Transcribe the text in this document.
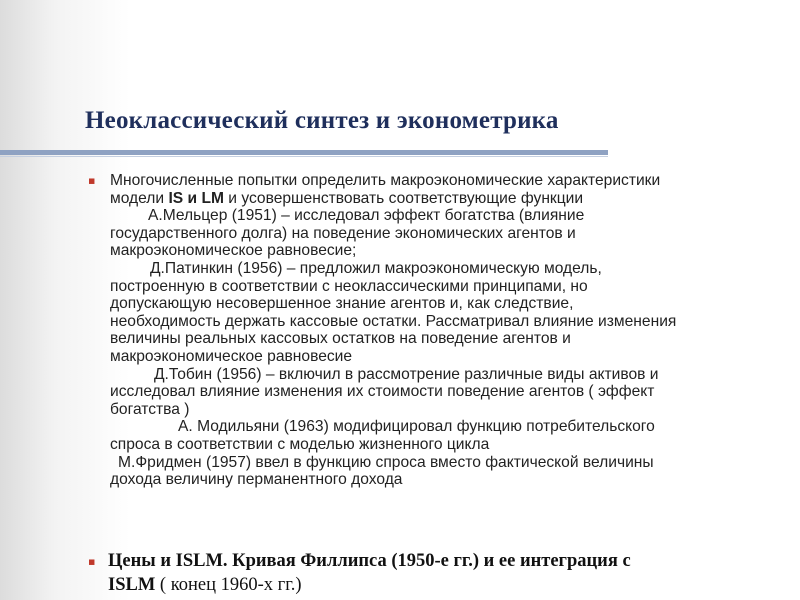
Неоклассический синтез и эконометрика
▪ Многочисленные попытки определить макроэкономические характеристики
модели IS и LM и усовершенствовать соответствующие функции
А.Мельцер (1951) – исследовал эффект богатства (влияние
государственного долга) на поведение экономических агентов и
макроэкономическое равновесие;
Д.Патинкин (1956) – предложил макроэкономическую модель,
построенную в соответствии с неоклассическими принципами, но
допускающую несовершенное знание агентов и, как следствие,
необходимость держать кассовые остатки. Рассматривал влияние изменения
величины реальных кассовых остатков на поведение агентов и
макроэкономическое равновесие
Д.Тобин (1956) – включил в рассмотрение различные виды активов и
исследовал влияние изменения их стоимости поведение агентов ( эффект
богатства )
А. Модильяни (1963) модифицировал функцию потребительского
спроса в соответствии с моделью жизненного цикла
М.Фридмен (1957) ввел в функцию спроса вместо фактической величины
дохода величину перманентного дохода
▪ Цены и ISLM. Кривая Филлипса (1950-е гг.) и ее интеграция с
ISLM ( конец 1960-х гг.)
